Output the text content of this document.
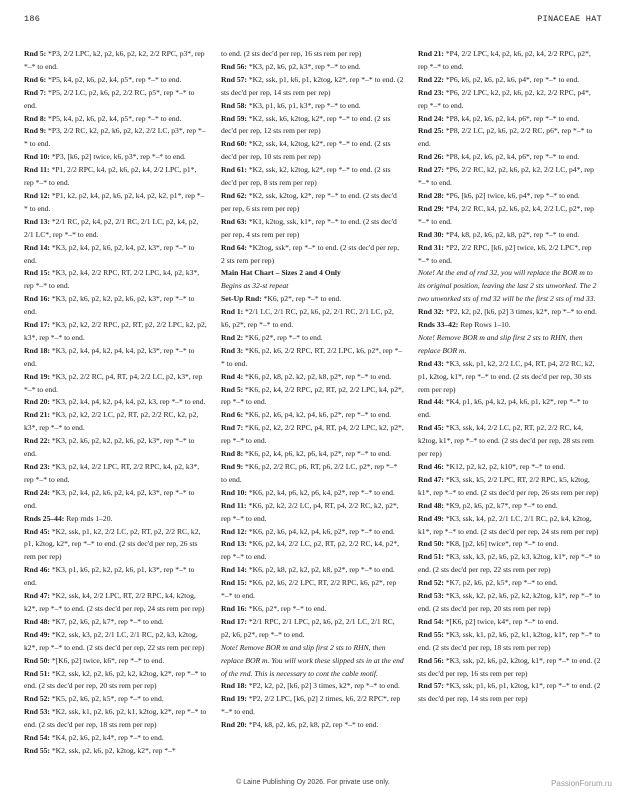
186	PINACEAE HAT

Rnd 5: *P3, 2/2 LPC, k2, p2, k6, p2, k2, 2/2 RPC, p3*, rep *–* to end.

Rnd 6: *P5, k4, p2, k6, p2, k4, p5*, rep *–* to end.

Rnd 7: *P5, 2/2 LC, p2, k6, p2, 2/2 RC, p5*, rep *–* to end.

Rnd 8: *P5, k4, p2, k6, p2, k4, p5*, rep *–* to end.

Rnd 9: *P3, 2/2 RC, k2, p2, k6, p2, k2, 2/2 LC, p3*, rep *–* to end.

Rnd 10: *P3, [k6, p2] twice, k6, p3*, rep *–* to end.

Rnd 11: *P1, 2/2 RPC, k4, p2, k6, p2, k4, 2/2 LPC, p1*, rep *–* to end.

Rnd 12: *P1, k2, p2, k4, p2, k6, p2, k4, p2, k2, p1*, rep *–* to end.

Rnd 13: *2/1 RC, p2, k4, p2, 2/1 RC, 2/1 LC, p2, k4, p2, 2/1 LC*, rep *–* to end.

Rnd 14: *K3, p2, k4, p2, k6, p2, k4, p2, k3*, rep *–* to end.

Rnd 15: *K3, p2, k4, 2/2 RPC, RT, 2/2 LPC, k4, p2, k3*, rep *–* to end.

Rnd 16: *K3, p2, k6, p2, k2, p2, k6, p2, k3*, rep *–* to end.

Rnd 17: *K3, p2, k2, 2/2 RPC, p2, RT, p2, 2/2 LPC, k2, p2, k3*, rep *–* to end.

Rnd 18: *K3, p2, k4, p4, k2, p4, k4, p2, k3*, rep *–* to end.

Rnd 19: *K3, p2, 2/2 RC, p4, RT, p4, 2/2 LC, p2, k3*, rep *–* to end.

Rnd 20: *K3, p2, k4, p4, k2, p4, k4, p2, k3, rep *–* to end.

Rnd 21: *K3, p2, k2, 2/2 LC, p2, RT, p2, 2/2 RC, k2, p2, k3*, rep *–* to end.

Rnd 22: *K3, p2, k6, p2, k2, p2, k6, p2, k3*, rep *–* to end.

Rnd 23: *K3, p2, k4, 2/2 LPC, RT, 2/2 RPC, k4, p2, k3*, rep *–* to end.

Rnd 24: *K3, p2, k4, p2, k6, p2, k4, p2, k3*, rep *–* to end.

Rnds 25–44: Rep rnds 1–20.

Rnd 45: *K2, ssk, p1, k2, 2/2 LC, p2, RT, p2, 2/2 RC, k2, p1, k2tog, k2*, rep *–* to end. (2 sts dec'd per rep, 26 sts rem per rep)

Rnd 46: *K3, p1, k6, p2, k2, p2, k6, p1, k3*, rep *–* to end.

Rnd 47: *K2, ssk, k4, 2/2 LPC, RT, 2/2 RPC, k4, k2tog, k2*, rep *–* to end. (2 sts dec'd per rep, 24 sts rem per rep)

Rnd 48: *K7, p2, k6, p2, k7*, rep *–* to end.

Rnd 49: *K2, ssk, k3, p2, 2/1 LC, 2/1 RC, p2, k3, k2tog, k2*, rep *–* to end. (2 sts dec'd per rep, 22 sts rem per rep)

Rnd 50: *[K6, p2] twice, k6*, rep *–* to end.

Rnd 51: *K2, ssk, k2, p2, k6, p2, k2, k2tog, k2*, rep *–* to end. (2 sts dec'd per rep, 20 sts rem per rep)

Rnd 52: *K5, p2, k6, p2, k5*, rep *–* to end.

Rnd 53: *K2, ssk, k1, p2, k6, p2, k1, k2tog, k2*, rep *–* to end. (2 sts dec'd per rep, 18 sts rem per rep)

Rnd 54: *K4, p2, k6, p2, k4*, rep *–* to end.

Rnd 55: *K2, ssk, p2, k6, p2, k2tog, k2*, rep *–*

to end. (2 sts dec'd per rep, 16 sts rem per rep)

Rnd 56: *K3, p2, k6, p2, k3*, rep *–* to end.

Rnd 57: *K2, ssk, p1, k6, p1, k2tog, k2*, rep *–* to end. (2 sts dec'd per rep, 14 sts rem per rep)

Rnd 58: *K3, p1, k6, p1, k3*, rep *–* to end.

Rnd 59: *K2, ssk, k6, k2tog, k2*, rep *–* to end. (2 sts dec'd per rep, 12 sts rem per rep)

Rnd 60: *K2, ssk, k4, k2tog, k2*, rep *–* to end. (2 sts dec'd per rep, 10 sts rem per rep)

Rnd 61: *K2, ssk, k2, k2tog, k2*, rep *–* to end. (2 sts dec'd per rep, 8 sts rem per rep)

Rnd 62: *K2, ssk, k2tog, k2*, rep *–* to end. (2 sts dec'd per rep, 6 sts rem per rep)

Rnd 63: *K1, k2tog, ssk, k1*, rep *–* to end. (2 sts dec'd per rep, 4 sts rem per rep)

Rnd 64: *K2tog, ssk*, rep *–* to end. (2 sts dec'd per rep, 2 sts rem per rep)

Main Hat Chart – Sizes 2 and 4 Only

Begins as 32-st repeat

Set-Up Rnd: *K6, p2*, rep *–* to end.

Rnd 1: *2/1 LC, 2/1 RC, p2, k6, p2, 2/1 RC, 2/1 LC, p2, k6, p2*, rep *–* to end.

Rnd 2: *K6, p2*, rep *–* to end.

Rnd 3: *K6, p2, k6, 2/2 RPC, RT, 2/2 LPC, k6, p2*, rep *–* to end.

Rnd 4: *K6, p2, k8, p2, k2, p2, k8, p2*, rep *–* to end.

Rnd 5: *K6, p2, k4, 2/2 RPC, p2, RT, p2, 2/2 LPC, k4, p2*, rep *–* to end.

Rnd 6: *K6, p2, k6, p4, k2, p4, k6, p2*, rep *–* to end.

Rnd 7: *K6, p2, k2, 2/2 RPC, p4, RT, p4, 2/2 LPC, k2, p2*, rep *–* to end.

Rnd 8: *K6, p2, k4, p6, k2, p6, k4, p2*, rep *–* to end.

Rnd 9: *K6, p2, 2/2 RC, p6, RT, p6, 2/2 LC, p2*, rep *–* to end.

Rnd 10: *K6, p2, k4, p6, k2, p6, k4, p2*, rep *–* to end.

Rnd 11: *K6, p2, k2, 2/2 LC, p4, RT, p4, 2/2 RC, k2, p2*, rep *–* to end.

Rnd 12: *K6, p2, k6, p4, k2, p4, k6, p2*, rep *–* to end.

Rnd 13: *K6, p2, k4, 2/2 LC, p2, RT, p2, 2/2 RC, k4, p2*, rep *–* to end.

Rnd 14: *K6, p2, k8, p2, k2, p2, k8, p2*, rep *–* to end.

Rnd 15: *K6, p2, k6, 2/2 LPC, RT, 2/2 RPC, k6, p2*, rep *–* to end.

Rnd 16: *K6, p2*, rep *–* to end.

Rnd 17: *2/1 RPC, 2/1 LPC, p2, k6, p2, 2/1 LC, 2/1 RC, p2, k6, p2*, rep *–* to end.

Note! Remove BOR m and slip first 2 sts to RHN, then replace BOR m. You will work these slipped sts in at the end of the rnd. This is necessary to cont the cable motif.

Rnd 18: *P2, k2, p2, [k6, p2] 3 times, k2*, rep *–* to end.

Rnd 19: *P2, 2/2 LPC, [k6, p2] 2 times, k6, 2/2 RPC*, rep *–* to end.

Rnd 20: *P4, k8, p2, k6, p2, k8, p2, rep *–* to end.

Rnd 21: *P4, 2/2 LPC, k4, p2, k6, p2, k4, 2/2 RPC, p2*, rep *–* to end.

Rnd 22: *P6, k6, p2, k6, p2, k6, p4*, rep *–* to end.

Rnd 23: *P6, 2/2 LPC, k2, p2, k6, p2, k2, 2/2 RPC, p4*, rep *–* to end.

Rnd 24: *P8, k4, p2, k6, p2, k4, p6*, rep *–* to end.

Rnd 25: *P8, 2/2 LC, p2, k6, p2, 2/2 RC, p6*, rep *–* to end.

Rnd 26: *P8, k4, p2, k6, p2, k4, p6*, rep *–* to end.

Rnd 27: *P6, 2/2 RC, k2, p2, k6, p2, k2, 2/2 LC, p4*, rep *–* to end.

Rnd 28: *P6, [k6, p2] twice, k6, p4*, rep *–* to end.

Rnd 29: *P4, 2/2 RC, k4, p2, k6, p2, k4, 2/2 LC, p2*, rep *–* to end.

Rnd 30: *P4, k8, p2, k6, p2, k8, p2*, rep *–* to end.

Rnd 31: *P2, 2/2 RPC, [k6, p2] twice, k6, 2/2 LPC*, rep *–* to end.

Note! At the end of rnd 32, you will replace the BOR m to its original position, leaving the last 2 sts unworked. The 2 two unworked sts of rnd 32 will be the first 2 sts of rnd 33.

Rnd 32: *P2, k2, p2, [k6, p2] 3 times, k2*, rep *–* to end.

Rnds 33–42: Rep Rows 1–10.

Note! Remove BOR m and slip first 2 sts to RHN, then replace BOR m.

Rnd 43: *K3, ssk, p1, k2, 2/2 LC, p4, RT, p4, 2/2 RC, k2, p1, k2tog, k1*, rep *–* to end. (2 sts dec'd per rep, 30 sts rem per rep)

Rnd 44: *K4, p1, k6, p4, k2, p4, k6, p1, k2*, rep *–* to end.

Rnd 45: *K3, ssk, k4, 2/2 LC, p2, RT, p2, 2/2 RC, k4, k2tog, k1*, rep *–* to end. (2 sts dec'd per rep, 28 sts rem per rep)

Rnd 46: *K12, p2, k2, p2, k10*, rep *–* to end.

Rnd 47: *K3, ssk, k5, 2/2 LPC, RT, 2/2 RPC, k5, k2tog, k1*, rep *–* to end. (2 sts dec'd per rep, 26 sts rem per rep)

Rnd 48: *K9, p2, k6, p2, k7*, rep *–* to end.

Rnd 49: *K3, ssk, k4, p2, 2/1 LC, 2/1 RC, p2, k4, k2tog, k1*, rep *–* to end. (2 sts dec'd per rep, 24 sts rem per rep)

Rnd 50: *K8, [p2, k6] twice*, rep *–* to end.

Rnd 51: *K3, ssk, k3, p2, k6, p2, k3, k2tog, k1*, rep *–* to end. (2 sts dec'd per rep, 22 sts rem per rep)

Rnd 52: *K7, p2, k6, p2, k5*, rep *–* to end.

Rnd 53: *K3, ssk, k2, p2, k6, p2, k2, k2tog, k1*, rep *–* to end. (2 sts dec'd per rep, 20 sts rem per rep)

Rnd 54: *[K6, p2] twice, k4*, rep *–* to end.

Rnd 55: *K3, ssk, k1, p2, k6, p2, k1, k2tog, k1*, rep *–* to end. (2 sts dec'd per rep, 18 sts rem per rep)

Rnd 56: *K3, ssk, p2, k6, p2, k2tog, k1*, rep *–* to end. (2 sts dec'd per rep, 16 sts rem per rep)

Rnd 57: *K3, ssk, p1, k6, p1, k2tog, k1*, rep *–* to end. (2 sts dec'd per rep, 14 sts rem per rep)

© Laine Publishing Oy 2026. For private use only.	PassionForum.ru
